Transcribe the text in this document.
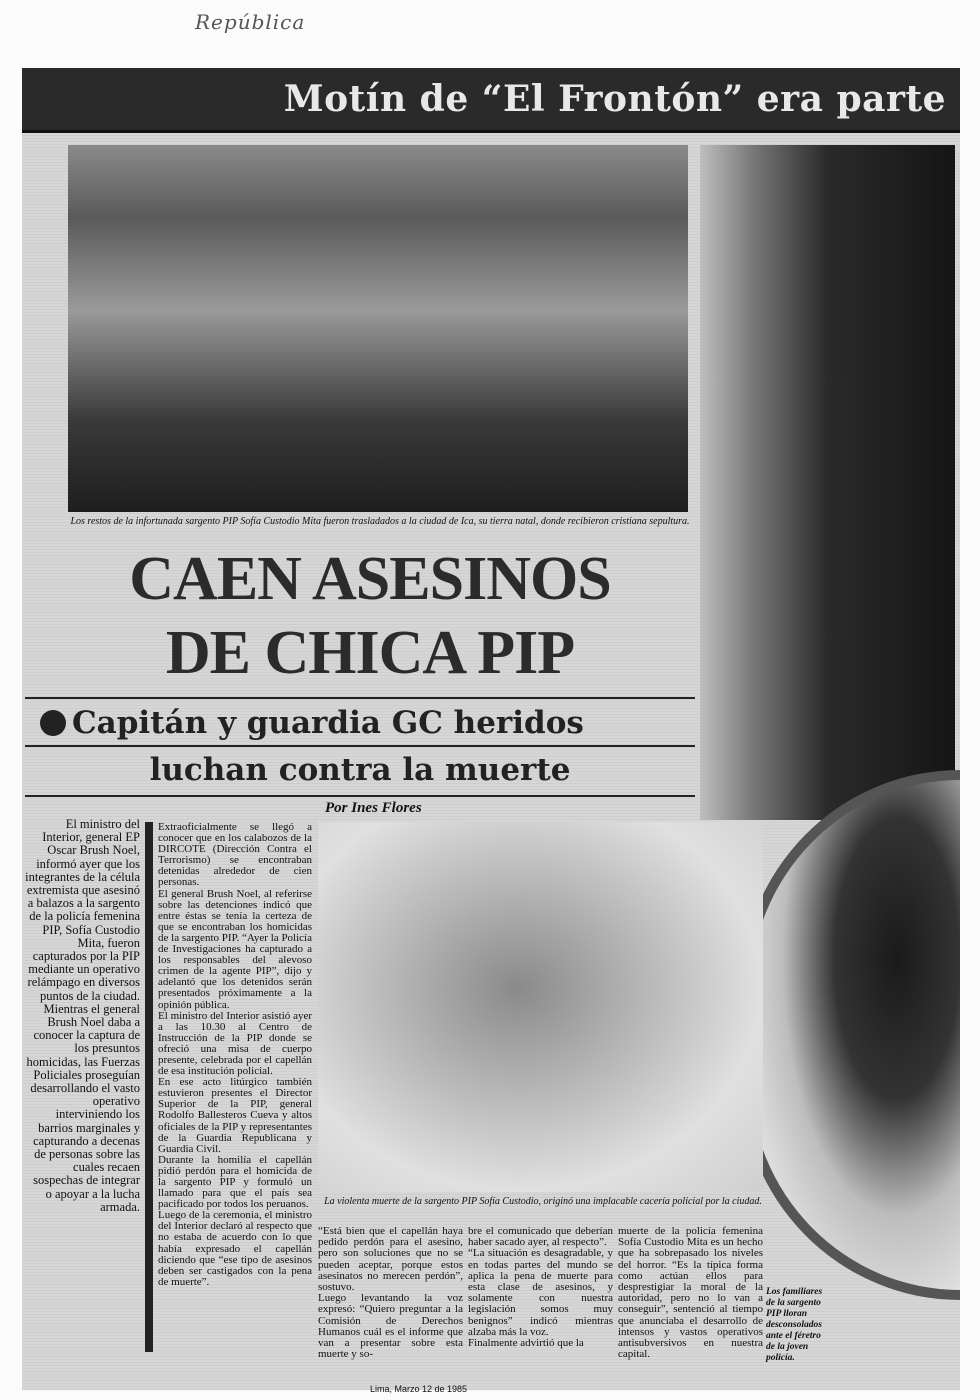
República
Motín de “El Frontón” era parte
Los restos de la infortunada sargento PIP Sofía Custodio Mita fueron trasladados a la ciudad de Ica, su tierra natal, donde recibieron cristiana sepultura.
CAEN ASESINOS
DE CHICA PIP
Capitán y guardia GC heridos
luchan contra la muerte
Por Ines Flores
El ministro del Interior, general EP Oscar Brush Noel, informó ayer que los integrantes de la célula extremista que asesinó a balazos a la sargento de la policía femenina PIP, Sofía Custodio Mita, fueron capturados por la PIP mediante un operativo relámpago en diversos puntos de la ciudad. Mientras el general Brush Noel daba a conocer la captura de los presuntos homicidas, las Fuerzas Policiales proseguían desarrollando el vasto operativo interviniendo los barrios marginales y capturando a decenas de personas sobre las cuales recaen sospechas de integrar o apoyar a la lucha armada.

Extraoficialmente se llegó a conocer que en los calabozos de la DIRCOTE (Dirección Contra el Terrorismo) se encontraban detenidas alrededor de cien personas.

El general Brush Noel, al referirse sobre las detenciones indicó que entre éstas se tenía la certeza de que se encontraban los homicidas de la sargento PIP. “Ayer la Policía de Investigaciones ha capturado a los responsables del alevoso crimen de la agente PIP”, dijo y adelantó que los detenidos serán presentados próximamente a la opinión pública.

El ministro del Interior asistió ayer a las 10.30 al Centro de Instrucción de la PIP donde se ofreció una misa de cuerpo presente, celebrada por el capellán de esa institución policial.

En ese acto litúrgico también estuvieron presentes el Director Superior de la PIP, general Rodolfo Ballesteros Cueva y altos oficiales de la PIP y representantes de la Guardia Republicana y Guardia Civil.

Durante la homilía el capellán pidió perdón para el homicida de la sargento PIP y formuló un llamado para que el país sea pacificado por todos los peruanos.

Luego de la ceremonia, el ministro del Interior declaró al respecto que no estaba de acuerdo con lo que había expresado el capellán diciendo que “ese tipo de asesinos deben ser castigados con la pena de muerte”.

La violenta muerte de la sargento PIP Sofía Custodio, originó una implacable cacería policial por la ciudad.

“Está bien que el capellán haya pedido perdón para el asesino, pero son soluciones que no se pueden aceptar, porque estos asesinatos no merecen perdón”, sostuvo.

Luego levantando la voz expresó: “Quiero preguntar a la Comisión de Derechos Humanos cuál es el informe que van a presentar sobre esta muerte y so-

bre el comunicado que deberían haber sacado ayer, al respecto”.

“La situación es desagradable, y en todas partes del mundo se aplica la pena de muerte para esta clase de asesinos, y solamente con nuestra legislación somos muy benignos” indicó mientras alzaba más la voz.

Finalmente advirtió que la

muerte de la policía femenina Sofía Custodio Mita es un hecho que ha sobrepasado los niveles del horror. “Es la típica forma como actúan ellos para desprestigiar la moral de la autoridad, pero no lo van a conseguir”, sentenció al tiempo que anunciaba el desarrollo de intensos y vastos operativos antisubversivos en nuestra capital.

Los familiares de la sargento PIP lloran desconsolados ante el féretro de la joven policía.
Lima, Marzo 12 de 1985
